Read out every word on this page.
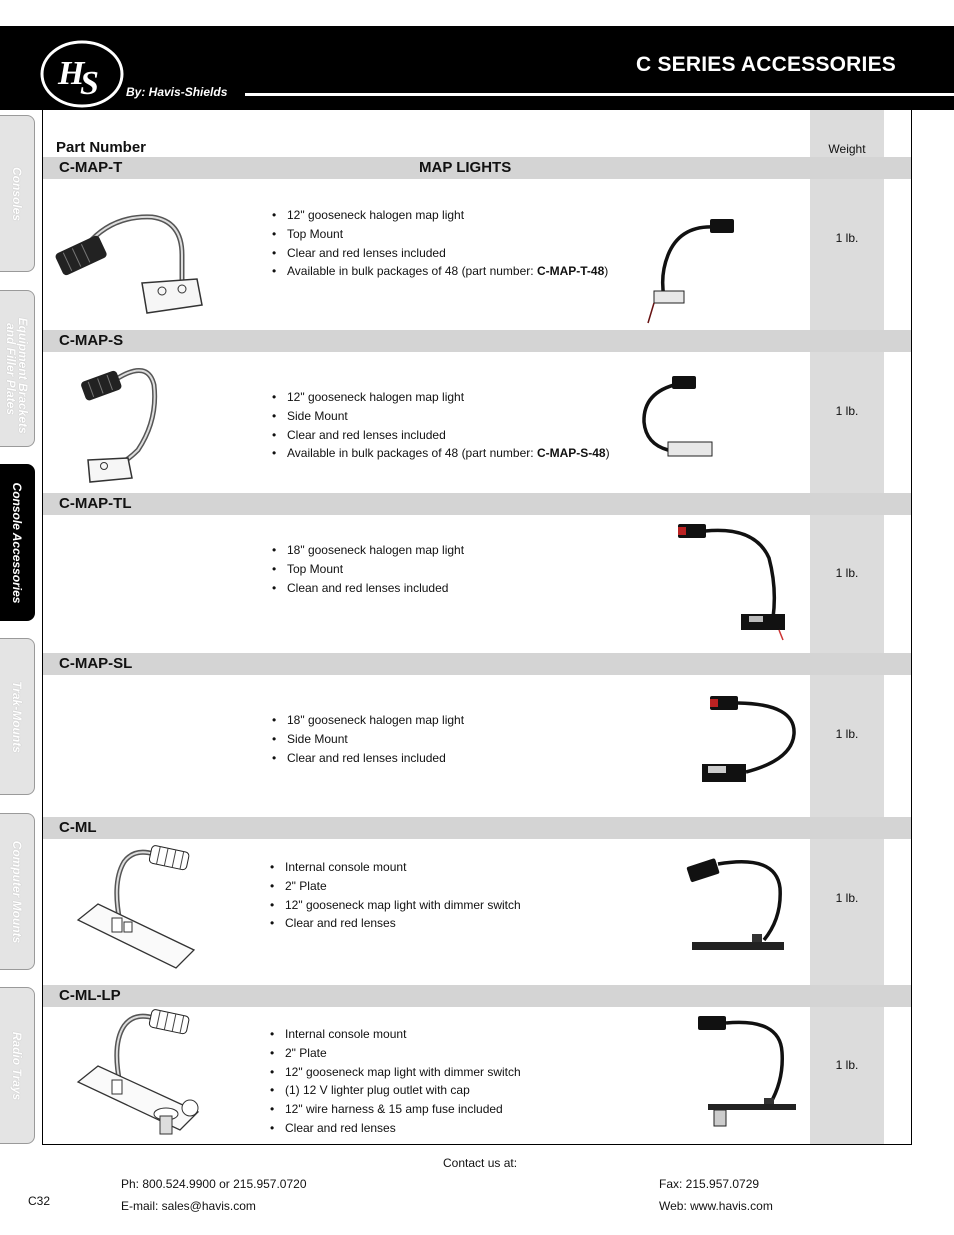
H
S By: Havis-Shields
C SERIES ACCESSORIES
Consoles

Equipment Brackets
and Filler Plates

Console Accessories
Trak-Mounts
Computer Mounts
Radio Trays
Part Number	Weight
C-MAP-T	MAP LIGHTS
• 12" gooseneck halogen map light
• Top Mount
• Clear and red lenses included
• Available in bulk packages of 48 (part number: C-MAP-T-48)
1 lb.
C-MAP-S
• 12" gooseneck halogen map light
• Side Mount
• Clear and red lenses included
• Available in bulk packages of 48 (part number: C-MAP-S-48)
1 lb.
C-MAP-TL
• 18" gooseneck halogen map light
• Top Mount
• Clean and red lenses included
1 lb.
C-MAP-SL
• 18" gooseneck halogen map light
• Side Mount
• Clear and red lenses included
1 lb.
C-ML
• Internal console mount
• 2" Plate
• 12" gooseneck map light with dimmer switch
• Clear and red lenses
1 lb.
C-ML-LP
• Internal console mount
• 2" Plate
• 12" gooseneck map light with dimmer switch
• (1) 12 V lighter plug outlet with cap
• 12" wire harness & 15 amp fuse included
• Clear and red lenses
1 lb.
Contact us at:
Ph: 800.524.9900 or 215.957.0720
E-mail: sales@havis.com
Fax: 215.957.0729
Web: www.havis.com
C32
